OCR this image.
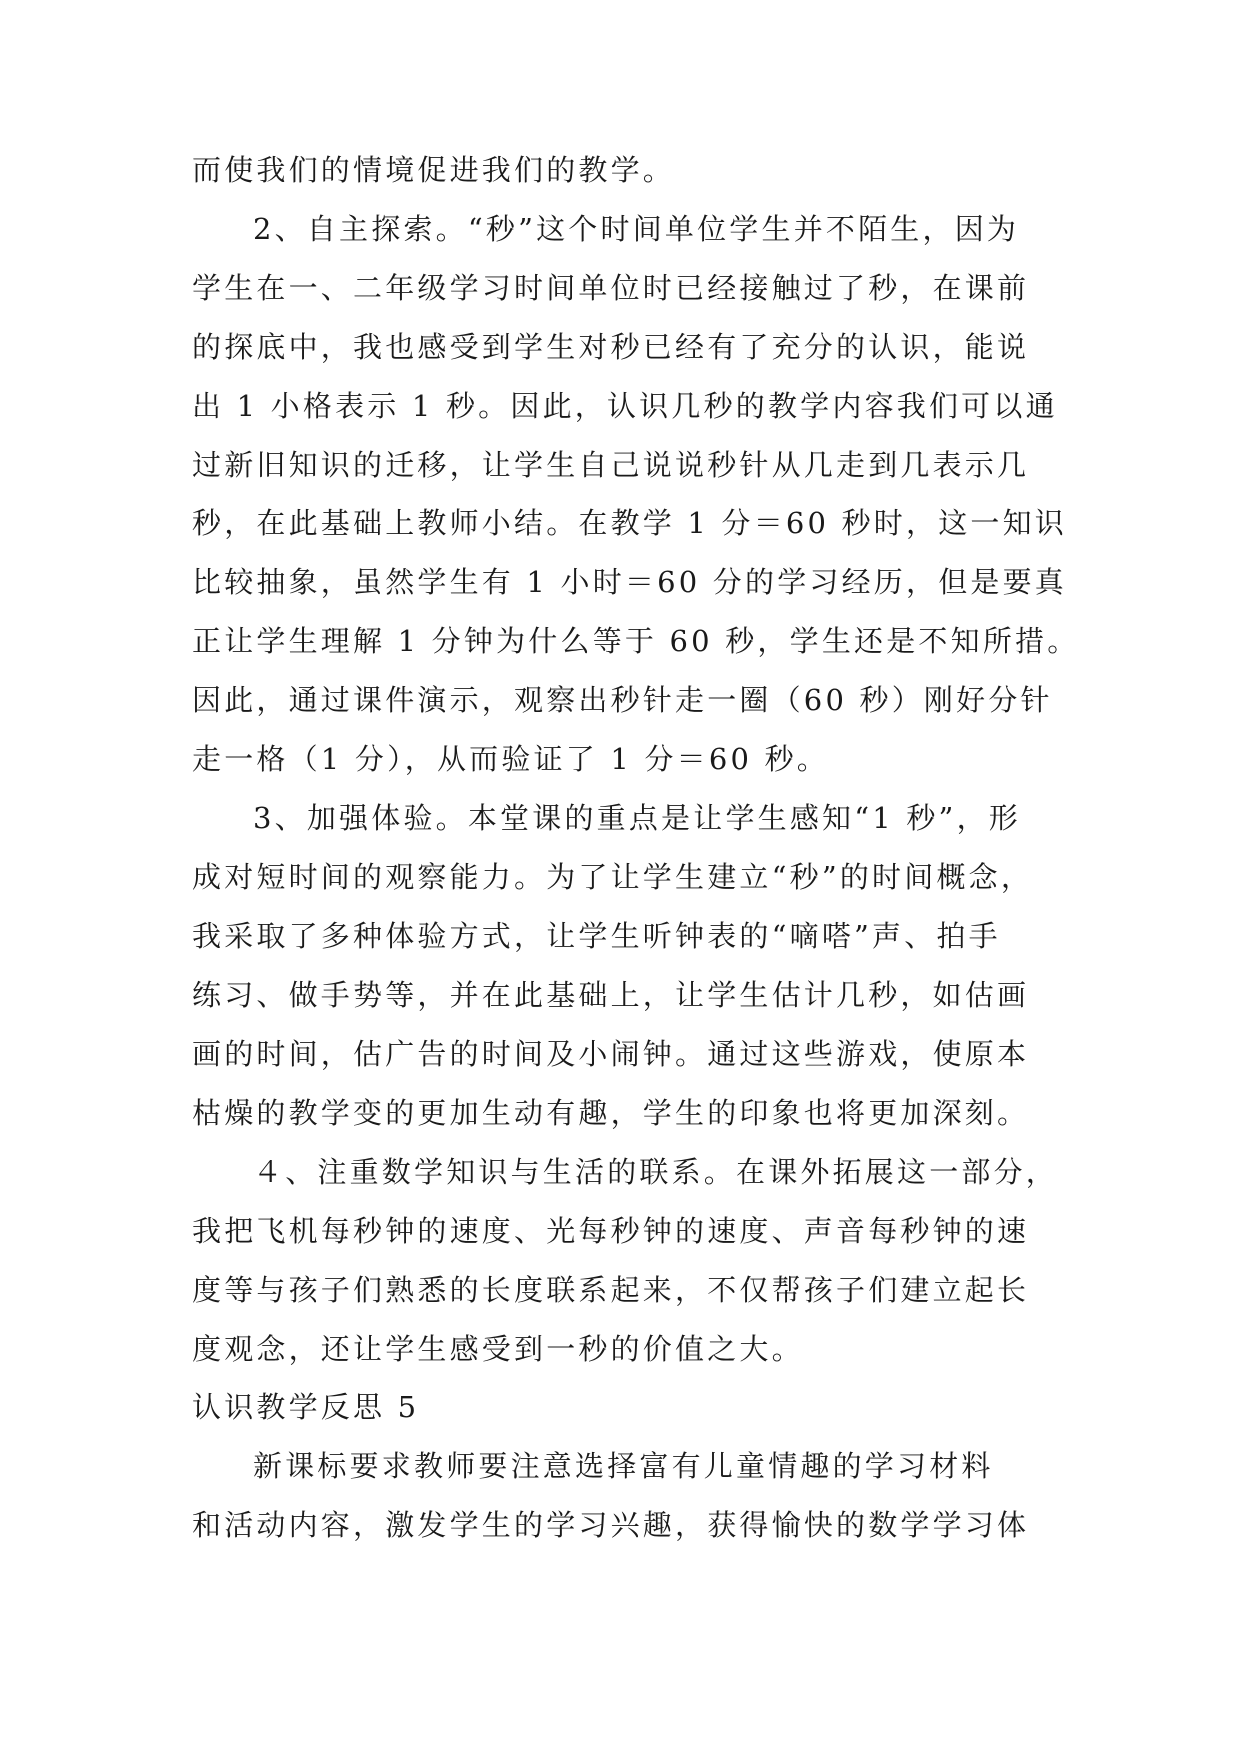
而使我们的情境促进我们的教学。
2、自主探索。“秒”这个时间单位学生并不陌生，因为
学生在一、二年级学习时间单位时已经接触过了秒，在课前
的探底中，我也感受到学生对秒已经有了充分的认识，能说
出 1 小格表示 1 秒。因此，认识几秒的教学内容我们可以通
过新旧知识的迁移，让学生自己说说秒针从几走到几表示几
秒，在此基础上教师小结。在教学 1 分＝60 秒时，这一知识
比较抽象，虽然学生有 1 小时＝60 分的学习经历，但是要真
正让学生理解 1 分钟为什么等于 60 秒，学生还是不知所措。
因此，通过课件演示，观察出秒针走一圈（60 秒）刚好分针
走一格（1 分），从而验证了 1 分＝60 秒。
3、加强体验。本堂课的重点是让学生感知“1 秒”，形
成对短时间的观察能力。为了让学生建立“秒”的时间概念，
我采取了多种体验方式，让学生听钟表的“嘀嗒”声、拍手
练习、做手势等，并在此基础上，让学生估计几秒，如估画
画的时间，估广告的时间及小闹钟。通过这些游戏，使原本
枯燥的教学变的更加生动有趣，学生的印象也将更加深刻。
４、注重数学知识与生活的联系。在课外拓展这一部分，
我把飞机每秒钟的速度、光每秒钟的速度、声音每秒钟的速
度等与孩子们熟悉的长度联系起来，不仅帮孩子们建立起长
度观念，还让学生感受到一秒的价值之大。
认识教学反思 5
新课标要求教师要注意选择富有儿童情趣的学习材料
和活动内容，激发学生的学习兴趣，获得愉快的数学学习体
